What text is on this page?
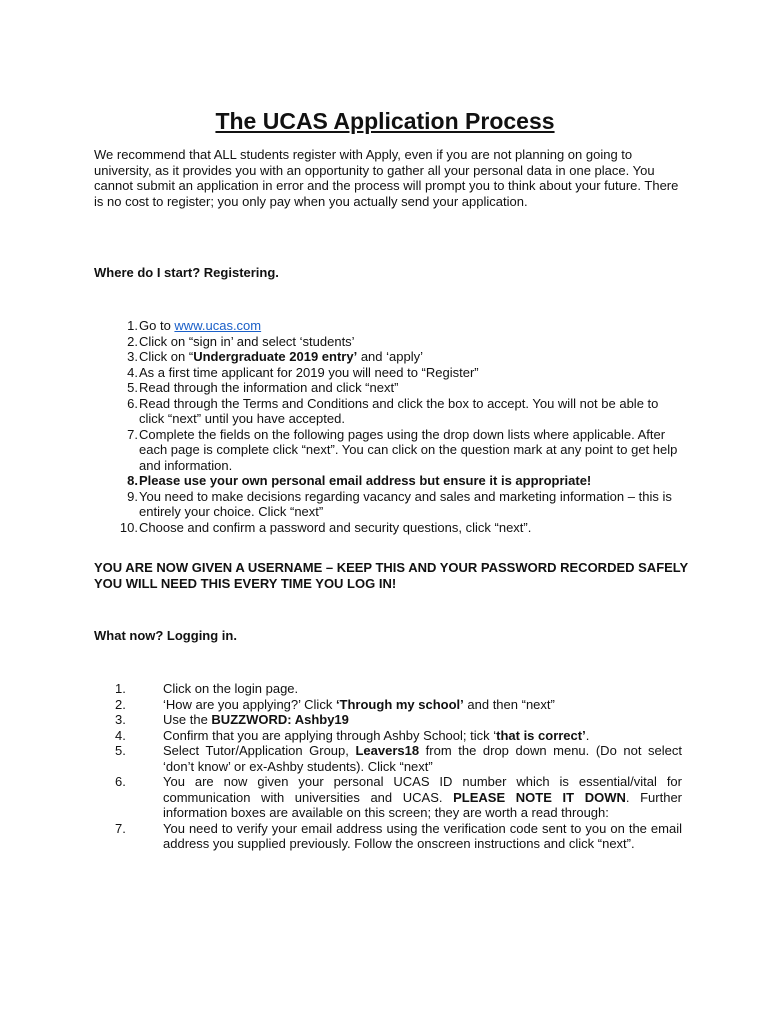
The UCAS Application Process
We recommend that ALL students register with Apply, even if you are not planning on going to university, as it provides you with an opportunity to gather all your personal data in one place. You cannot submit an application in error and the process will prompt you to think about your future. There is no cost to register; you only pay when you actually send your application.
Where do I start? Registering.
1. Go to www.ucas.com
2. Click on “sign in’ and select ‘students’
3. Click on “Undergraduate 2019 entry’ and ‘apply’
4. As a first time applicant for 2019 you will need to “Register”
5. Read through the information and click “next”
6. Read through the Terms and Conditions and click the box to accept. You will not be able to click “next” until you have accepted.
7. Complete the fields on the following pages using the drop down lists where applicable. After each page is complete click “next”. You can click on the question mark at any point to get help and information.
8. Please use your own personal email address but ensure it is appropriate!
9. You need to make decisions regarding vacancy and sales and marketing information – this is entirely your choice. Click “next”
10. Choose and confirm a password and security questions, click “next”.
YOU ARE NOW GIVEN A USERNAME – KEEP THIS AND YOUR PASSWORD RECORDED SAFELY YOU WILL NEED THIS EVERY TIME YOU LOG IN!
What now? Logging in.
1.	Click on the login page.
2.	‘How are you applying?’ Click ‘Through my school’ and then “next”
3.	Use the BUZZWORD: Ashby19
4.	Confirm that you are applying through Ashby School; tick ‘that is correct’.
5.	Select Tutor/Application Group, Leavers18 from the drop down menu. (Do not select ‘don’t know’ or ex-Ashby students). Click “next”
6.	You are now given your personal UCAS ID number which is essential/vital for communication with universities and UCAS. PLEASE NOTE IT DOWN. Further information boxes are available on this screen; they are worth a read through:
7.	You need to verify your email address using the verification code sent to you on the email address you supplied previously. Follow the onscreen instructions and click “next”.
